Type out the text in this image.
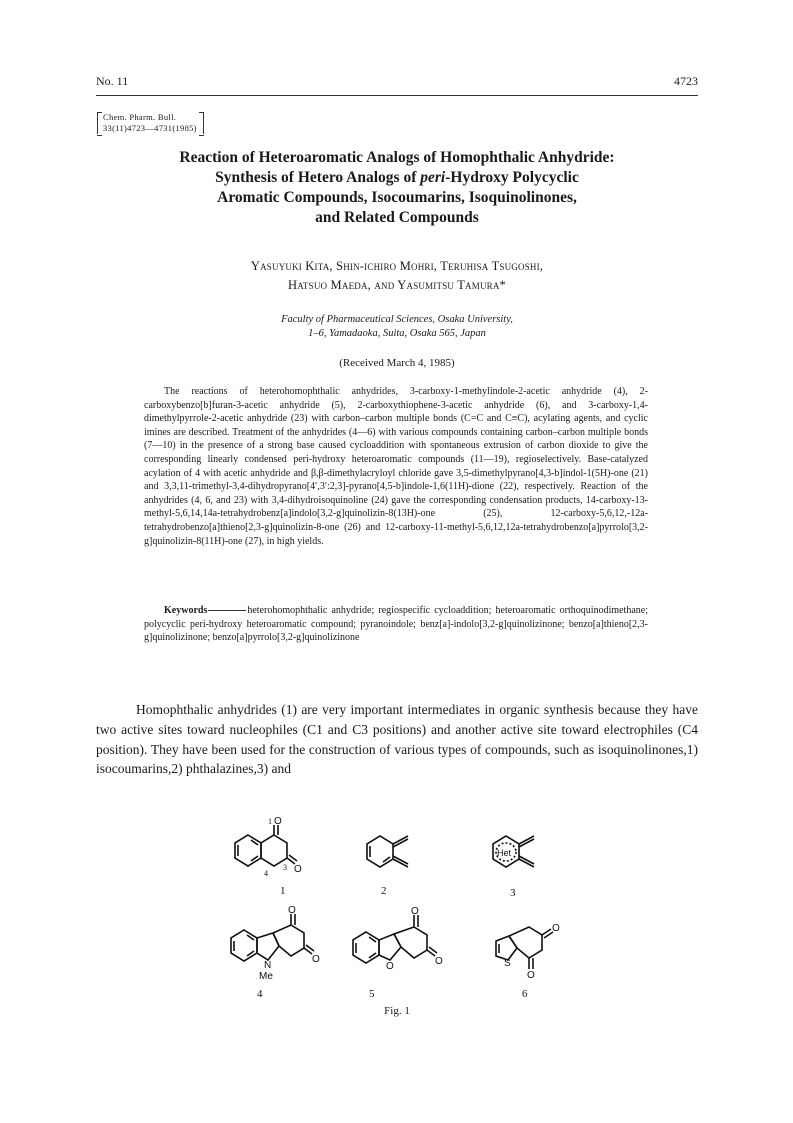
No. 11	4723
Chem. Pharm. Bull.
33(11)4723—4731(1985)
Reaction of Heteroaromatic Analogs of Homophthalic Anhydride:
Synthesis of Hetero Analogs of peri-Hydroxy Polycyclic
Aromatic Compounds, Isocoumarins, Isoquinolinones,
and Related Compounds
Yasuyuki Kita, Shin-ichiro Mohri, Teruhisa Tsugoshi,
Hatsuo Maeda, and Yasumitsu Tamura*
Faculty of Pharmaceutical Sciences, Osaka University,
1–6, Yamadaoka, Suita, Osaka 565, Japan
(Received March 4, 1985)
The reactions of heterohomophthalic anhydrides, 3-carboxy-1-methylindole-2-acetic anhydride (4), 2-carboxybenzo[b]furan-3-acetic anhydride (5), 2-carboxythiophene-3-acetic anhydride (6), and 3-carboxy-1,4-dimethylpyrrole-2-acetic anhydride (23) with carbon–carbon multiple bonds (C=C and C≡C), acylating agents, and cyclic imines are described. Treatment of the anhydrides (4—6) with various compounds containing carbon–carbon multiple bonds (7—10) in the presence of a strong base caused cycloaddition with spontaneous extrusion of carbon dioxide to give the corresponding linearly condensed peri-hydroxy heteroaromatic compounds (11—19), regioselectively. Base-catalyzed acylation of 4 with acetic anhydride and β,β-dimethylacryloyl chloride gave 3,5-dimethylpyrano[4,3-b]indol-1(5H)-one (21) and 3,3,11-trimethyl-3,4-dihydropyrano[4′,3′:2,3]-pyrano[4,5-b]indole-1,6(11H)-dione (22), respectively. Reaction of the anhydrides (4, 6, and 23) with 3,4-dihydroisoquinoline (24) gave the corresponding condensation products, 14-carboxy-13-methyl-5,6,14,14a-tetrahydrobenz[a]indolo[3,2-g]quinolizin-8(13H)-one (25), 12-carboxy-5,6,12,-12a-tetrahydrobenzo[a]thieno[2,3-g]quinolizin-8-one (26) and 12-carboxy-11-methyl-5,6,12,12a-tetrahydrobenzo[a]pyrrolo[3,2-g]quinolizin-8(11H)-one (27), in high yields.
Keywords	heterohomophthalic anhydride; regiospecific cycloaddition; heteroaromatic orthoquinodimethane; polycyclic peri-hydroxy heteroaromatic compound; pyranoindole; benz[a]-indolo[3,2-g]quinolizinone; benzo[a]thieno[2,3-g]quinolizinone; benzo[a]pyrrolo[3,2-g]quinolizinone
Homophthalic anhydrides (1) are very important intermediates in organic synthesis because they have two active sites toward nucleophiles (C1 and C3 positions) and another active site toward electrophiles (C4 position). They have been used for the construction of various types of compounds, such as isoquinolinones,1) isocoumarins,2) phthalazines,3) and
1 O
4
3 O
Het
N
Me
O
O
O
O
O	S
O
O
1	2	3
4	5	6
Fig. 1
